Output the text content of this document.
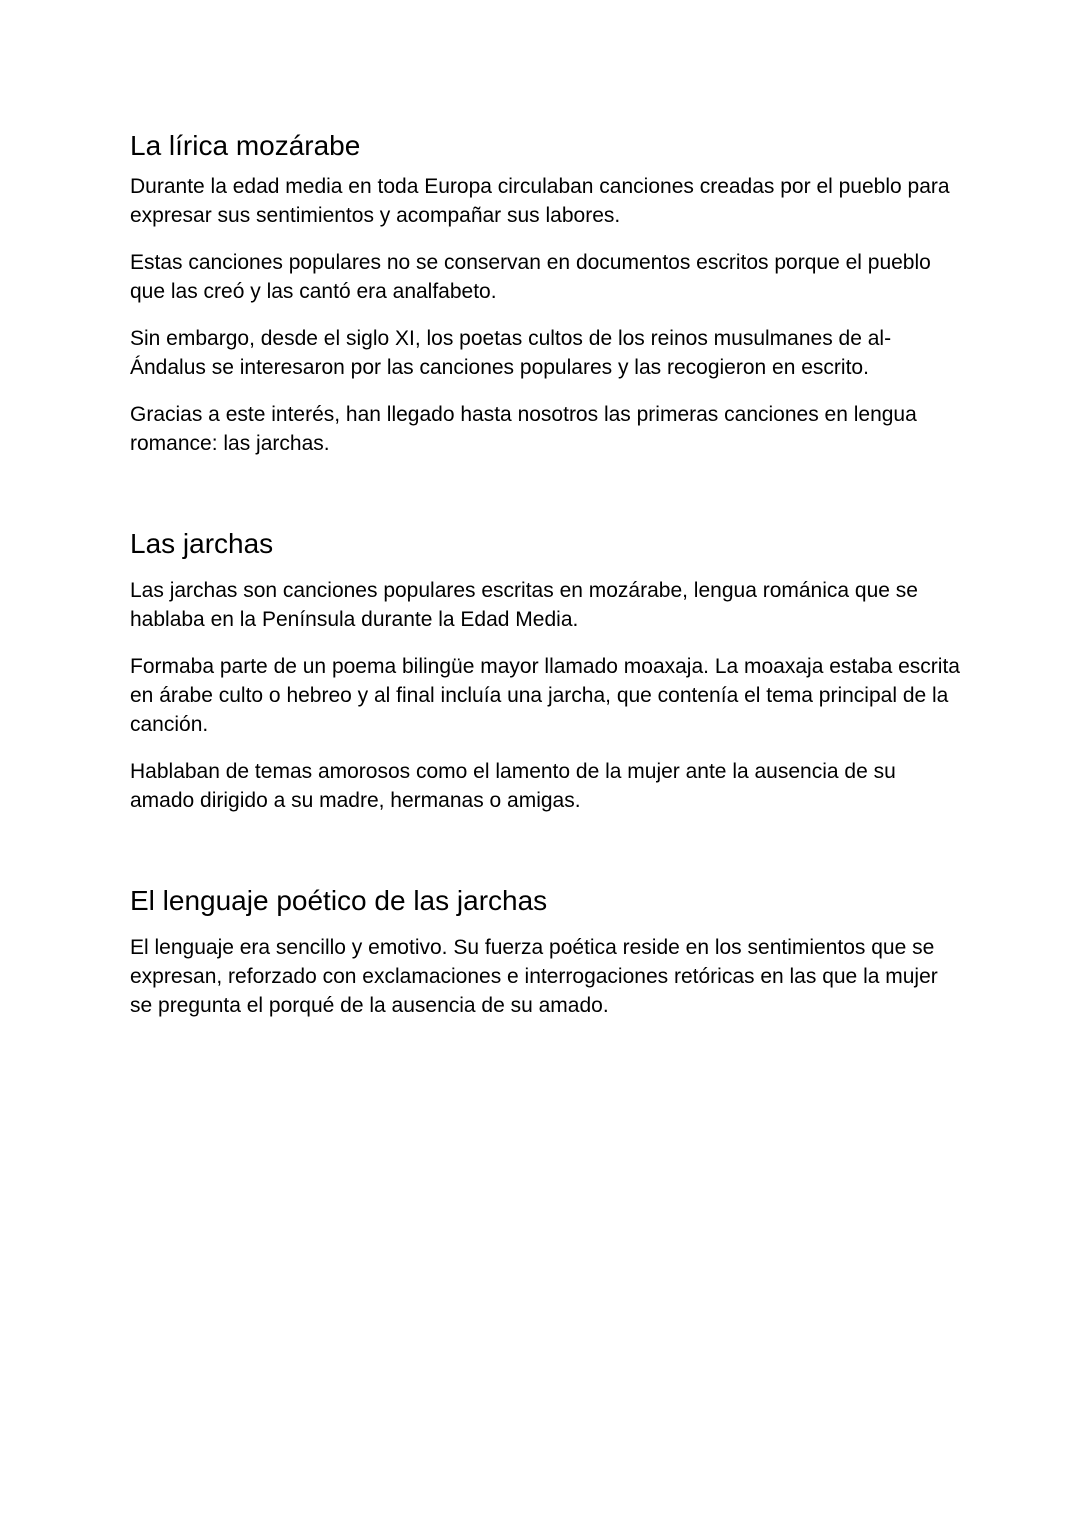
La lírica mozárabe

Durante la edad media en toda Europa circulaban canciones creadas por el pueblo para expresar sus sentimientos y acompañar sus labores.

Estas canciones populares no se conservan en documentos escritos porque el pueblo que las creó y las cantó era analfabeto.

Sin embargo, desde el siglo XI, los poetas cultos de los reinos musulmanes de al-Ándalus se interesaron por las canciones populares y las recogieron en escrito.

Gracias a este interés, han llegado hasta nosotros las primeras canciones en lengua romance: las jarchas.

Las jarchas

Las jarchas son canciones populares escritas en mozárabe, lengua románica que se hablaba en la Península durante la Edad Media.

Formaba parte de un poema bilingüe mayor llamado moaxaja. La moaxaja estaba escrita en árabe culto o hebreo y al final incluía una jarcha, que contenía el tema principal de la canción.

Hablaban de temas amorosos como el lamento de la mujer ante la ausencia de su amado dirigido a su madre, hermanas o amigas.

El lenguaje poético de las jarchas

El lenguaje era sencillo y emotivo. Su fuerza poética reside en los sentimientos que se expresan, reforzado con exclamaciones e interrogaciones retóricas en las que la mujer se pregunta el porqué de la ausencia de su amado.
